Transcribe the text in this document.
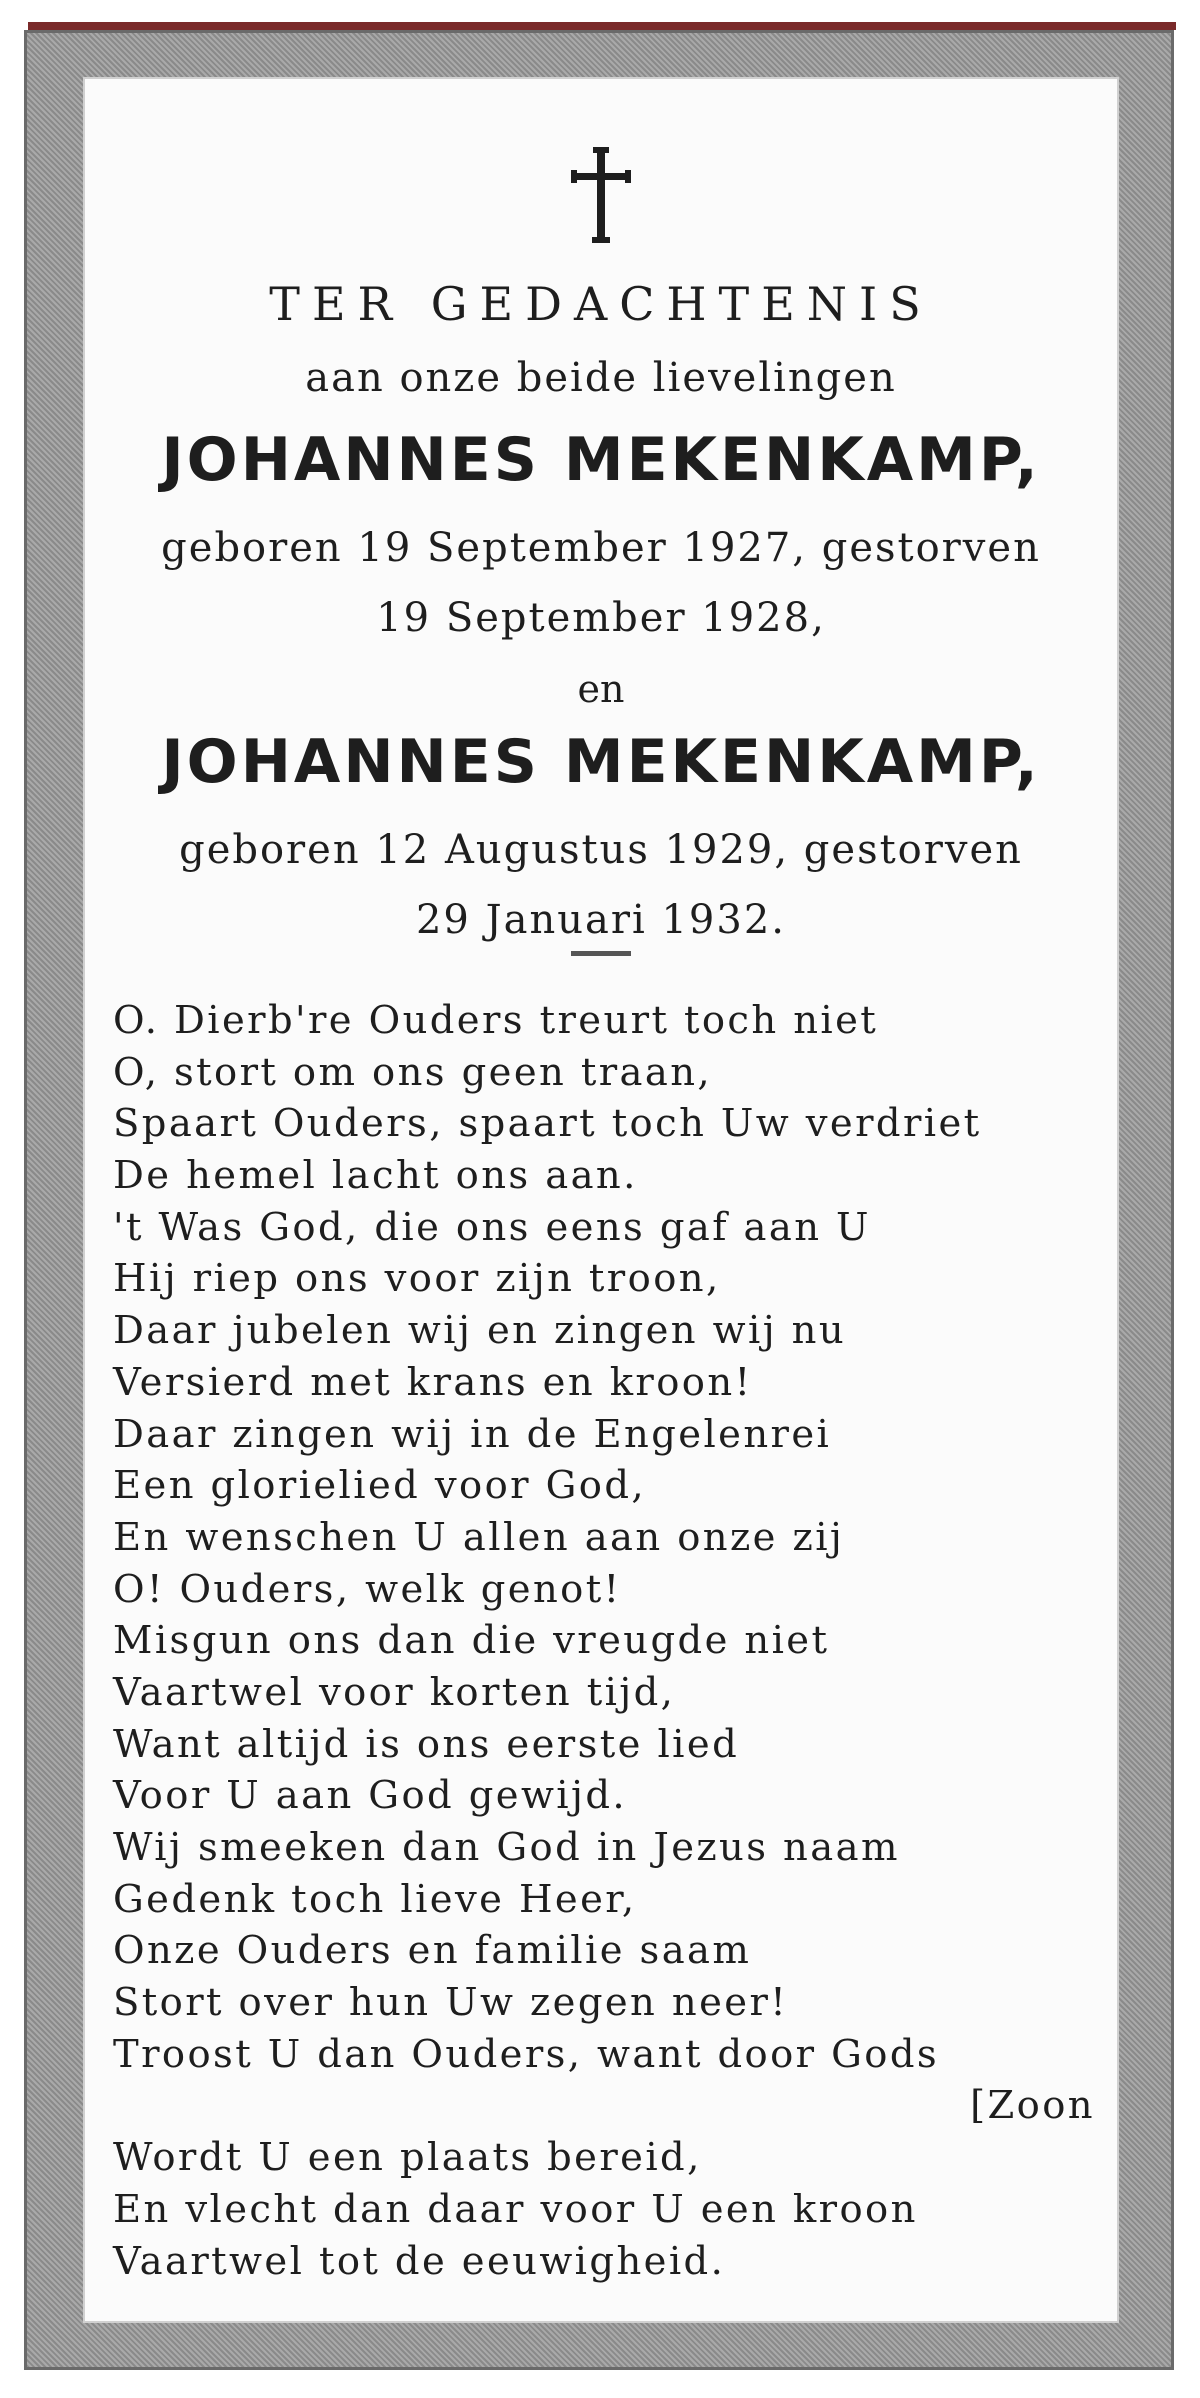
TER GEDACHTENIS
aan onze beide lievelingen
JOHANNES MEKENKAMP,
geboren 19 September 1927, gestorven
19 September 1928,
en
JOHANNES MEKENKAMP,
geboren 12 Augustus 1929, gestorven
29 Januari 1932.
O. Dierb're Ouders treurt toch niet
O, stort om ons geen traan,
Spaart Ouders, spaart toch Uw verdriet
De hemel lacht ons aan.
't Was God, die ons eens gaf aan U
Hij riep ons voor zijn troon,
Daar jubelen wij en zingen wij nu
Versierd met krans en kroon!
Daar zingen wij in de Engelenrei
Een glorielied voor God,
En wenschen U allen aan onze zij
O! Ouders, welk genot!
Misgun ons dan die vreugde niet
Vaartwel voor korten tijd,
Want altijd is ons eerste lied
Voor U aan God gewijd.
Wij smeeken dan God in Jezus naam
Gedenk toch lieve Heer,
Onze Ouders en familie saam
Stort over hun Uw zegen neer!
Troost U dan Ouders, want door Gods
[Zoon
Wordt U een plaats bereid,
En vlecht dan daar voor U een kroon
Vaartwel tot de eeuwigheid.
